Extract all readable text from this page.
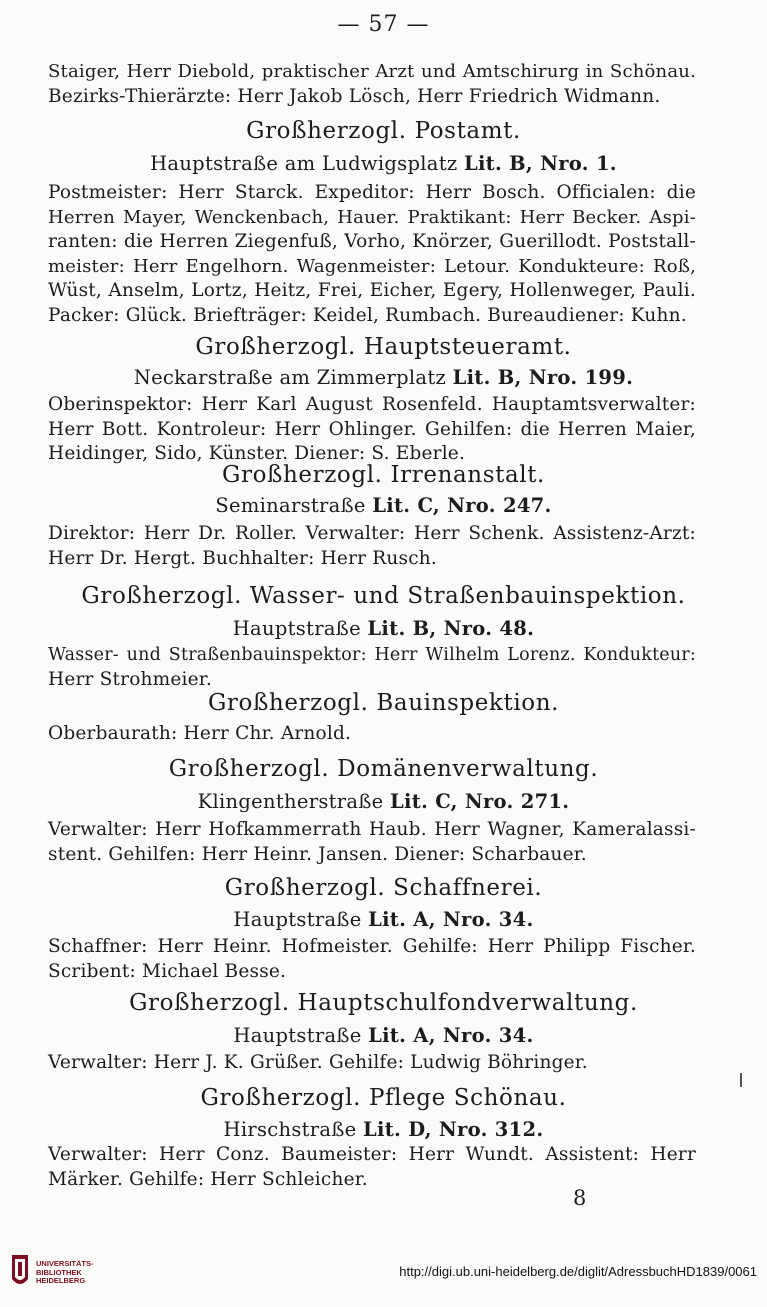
— 57 —
Staiger, Herr Diebold, praktischer Arzt und Amtschirurg in Schönau.
Bezirks-Thierärzte: Herr Jakob Lösch, Herr Friedrich Widmann.
Großherzogl. Postamt.
Hauptstraße am Ludwigsplatz Lit. B, Nro. 1.
Postmeister: Herr Starck. Expeditor: Herr Bosch. Officialen: die
Herren Mayer, Wenckenbach, Hauer. Praktikant: Herr Becker. Aspi-
ranten: die Herren Ziegenfuß, Vorho, Knörzer, Guerillodt. Poststall-
meister: Herr Engelhorn. Wagenmeister: Letour. Kondukteure: Roß,
Wüst, Anselm, Lortz, Heitz, Frei, Eicher, Egery, Hollenweger, Pauli.
Packer: Glück. Briefträger: Keidel, Rumbach. Bureaudiener: Kuhn.
Großherzogl. Hauptsteueramt.
Neckarstraße am Zimmerplatz Lit. B, Nro. 199.
Oberinspektor: Herr Karl August Rosenfeld. Hauptamtsverwalter:
Herr Bott. Kontroleur: Herr Ohlinger. Gehilfen: die Herren Maier,
Heidinger, Sido, Künster. Diener: S. Eberle.
Großherzogl. Irrenanstalt.
Seminarstraße Lit. C, Nro. 247.
Direktor: Herr Dr. Roller. Verwalter: Herr Schenk. Assistenz-Arzt:
Herr Dr. Hergt. Buchhalter: Herr Rusch.
Großherzogl. Wasser- und Straßenbauinspektion.
Hauptstraße Lit. B, Nro. 48.
Wasser- und Straßenbauinspektor: Herr Wilhelm Lorenz. Kondukteur:
Herr Strohmeier.
Großherzogl. Bauinspektion.
Oberbaurath: Herr Chr. Arnold.
Großherzogl. Domänenverwaltung.
Klingentherstraße Lit. C, Nro. 271.
Verwalter: Herr Hofkammerrath Haub. Herr Wagner, Kameralassi-
stent. Gehilfen: Herr Heinr. Jansen. Diener: Scharbauer.
Großherzogl. Schaffnerei.
Hauptstraße Lit. A, Nro. 34.
Schaffner: Herr Heinr. Hofmeister. Gehilfe: Herr Philipp Fischer.
Scribent: Michael Besse.
Großherzogl. Hauptschulfondverwaltung.
Hauptstraße Lit. A, Nro. 34.
Verwalter: Herr J. K. Grüßer. Gehilfe: Ludwig Böhringer.
Großherzogl. Pflege Schönau.
Hirschstraße Lit. D, Nro. 312.
Verwalter: Herr Conz. Baumeister: Herr Wundt. Assistent: Herr
Märker. Gehilfe: Herr Schleicher.
8
UNIVERSITÄTS-
BIBLIOTHEK
HEIDELBERG
http://digi.ub.uni-heidelberg.de/diglit/AdressbuchHD1839/0061
